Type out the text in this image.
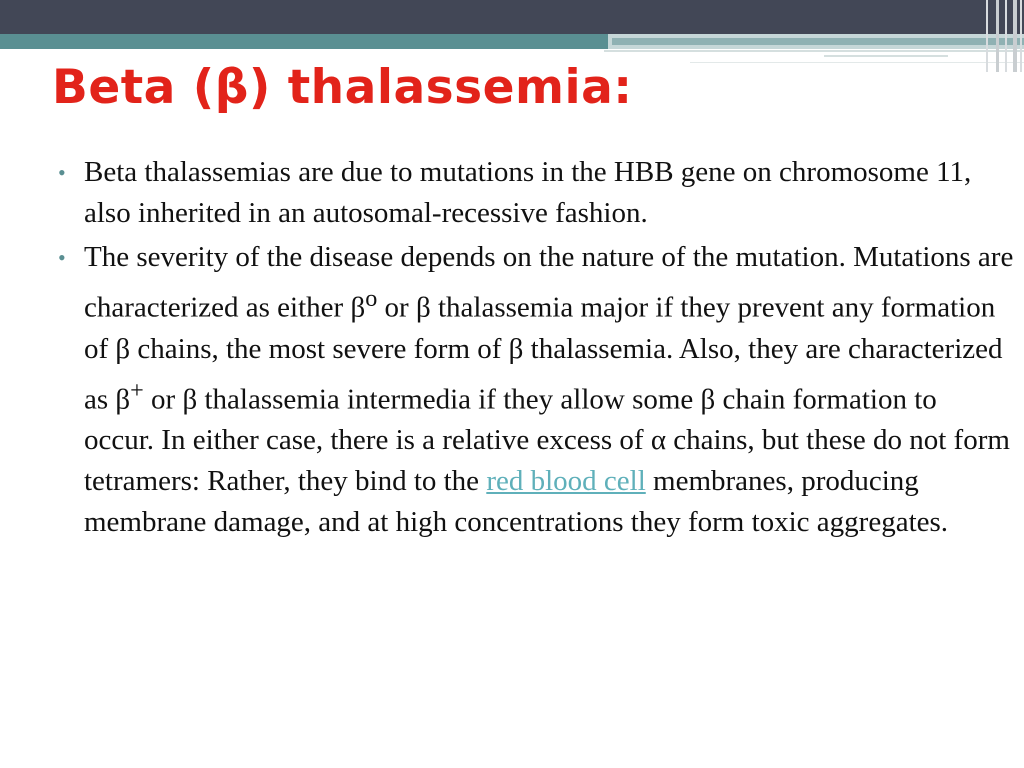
Beta (β) thalassemia:
• Beta thalassemias are due to mutations in the HBB gene on chromosome 11, also inherited in an autosomal-recessive fashion.
• The severity of the disease depends on the nature of the mutation. Mutations are characterized as either $\beta^o$ or β thalassemia major if they prevent any formation of β chains, the most severe form of β thalassemia. Also, they are characterized as β+ or β thalassemia intermedia if they allow some β chain formation to occur. In either case, there is a relative excess of α chains, but these do not form tetramers: Rather, they bind to the red blood cell membranes, producing membrane damage, and at high concentrations they form toxic aggregates.
